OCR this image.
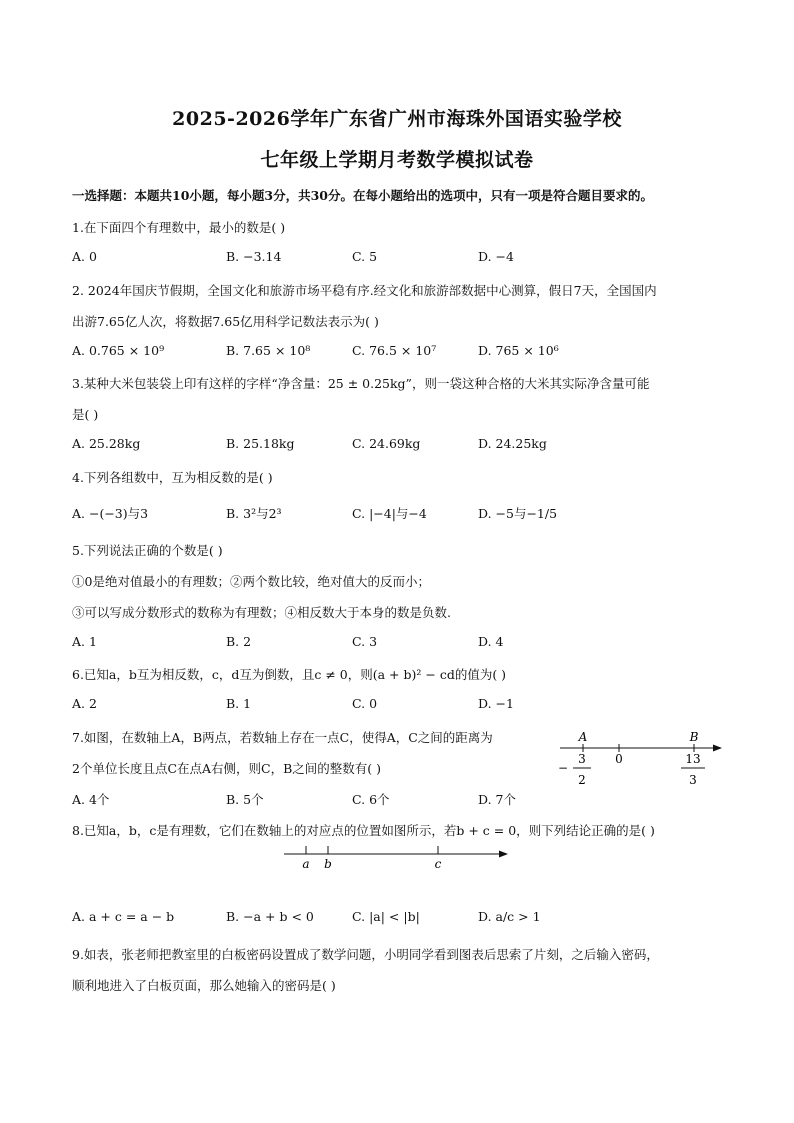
2025-2026学年广东省广州市海珠外国语实验学校
七年级上学期月考数学模拟试卷
一选择题：本题共10小题，每小题3分，共30分。在每小题给出的选项中，只有一项是符合题目要求的。
1.在下面四个有理数中，最小的数是( )
A. 0	B. −3.14	C. 5	D. −4
2. 2024年国庆节假期，全国文化和旅游市场平稳有序.经文化和旅游部数据中心测算，假日7天，全国国内
出游7.65亿人次，将数据7.65亿用科学记数法表示为( )
A. 0.765 × 10⁹	B. 7.65 × 10⁸	C. 76.5 × 10⁷	D. 765 × 10⁶
3.某种大米包装袋上印有这样的字样“净含量：25 ± 0.25kg”，则一袋这种合格的大米其实际净含量可能
是( )
A. 25.28kg	B. 25.18kg	C. 24.69kg	D. 24.25kg
4.下列各组数中，互为相反数的是( )
A. −(−3)与3	B. 3²与2³	C. |−4|与−4	D. −5与−1/5
5.下列说法正确的个数是( )
①0是绝对值最小的有理数；②两个数比较，绝对值大的反而小；
③可以写成分数形式的数称为有理数；④相反数大于本身的数是负数.
A. 1	B. 2	C. 3	D. 4
6.已知a，b互为相反数，c，d互为倒数，且c ≠ 0，则(a + b)² − cd的值为( )
A. 2	B. 1	C. 0	D. −1
7.如图，在数轴上A，B两点，若数轴上存在一点C，使得A，C之间的距离为
2个单位长度且点C在点A右侧，则C，B之间的整数有( )
A	B
0
−
3
2
13
3
A. 4个	B. 5个	C. 6个	D. 7个
8.已知a，b，c是有理数，它们在数轴上的对应点的位置如图所示，若b + c = 0，则下列结论正确的是( )
a b	c
A. a + c = a − b	B. −a + b < 0	C. |a| < |b|	D. a/c > 1
9.如表，张老师把教室里的白板密码设置成了数学问题，小明同学看到图表后思索了片刻，之后输入密码，
顺利地进入了白板页面，那么她输入的密码是( )
